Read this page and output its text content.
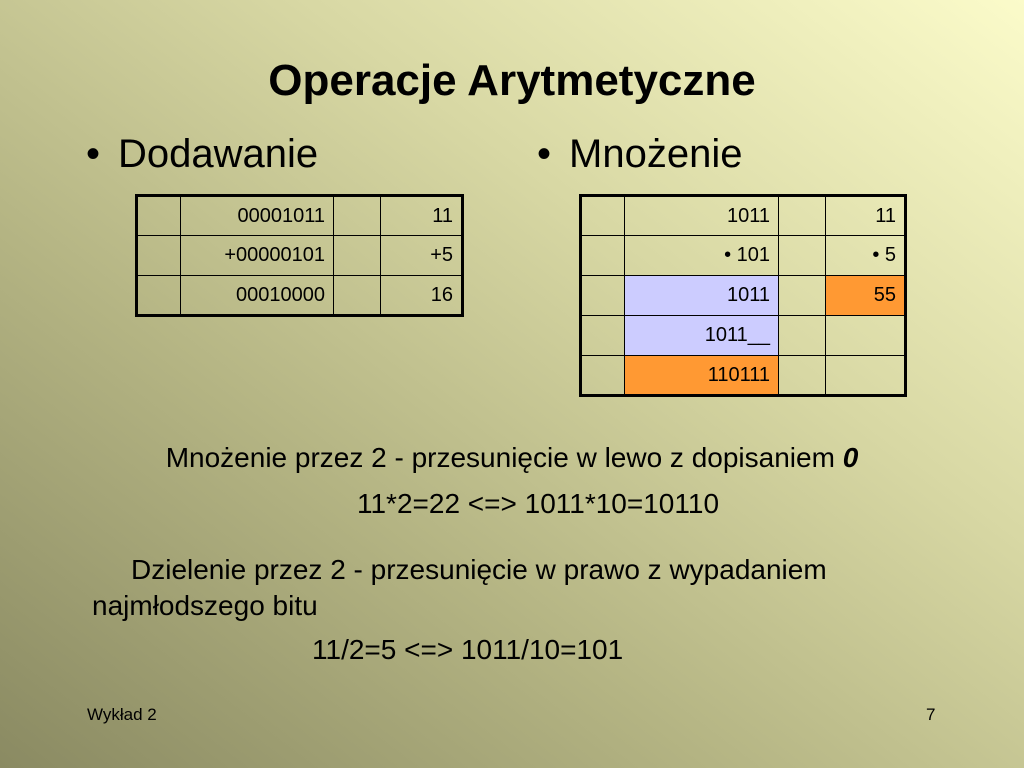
Operacje Arytmetyczne
• Dodawanie	• Mnożenie
	00001011		11
	+00000101		+5
	00010000		16
	1011		11
	• 101		• 5
	1011		55
	1011__		
	110111		
Mnożenie przez 2 - przesunięcie w lewo z dopisaniem 0
11*2=22 <=> 1011*10=10110
Dzielenie przez 2 - przesunięcie w prawo z wypadaniem
najmłodszego bitu
11/2=5 <=> 1011/10=101
Wykład 2	7
